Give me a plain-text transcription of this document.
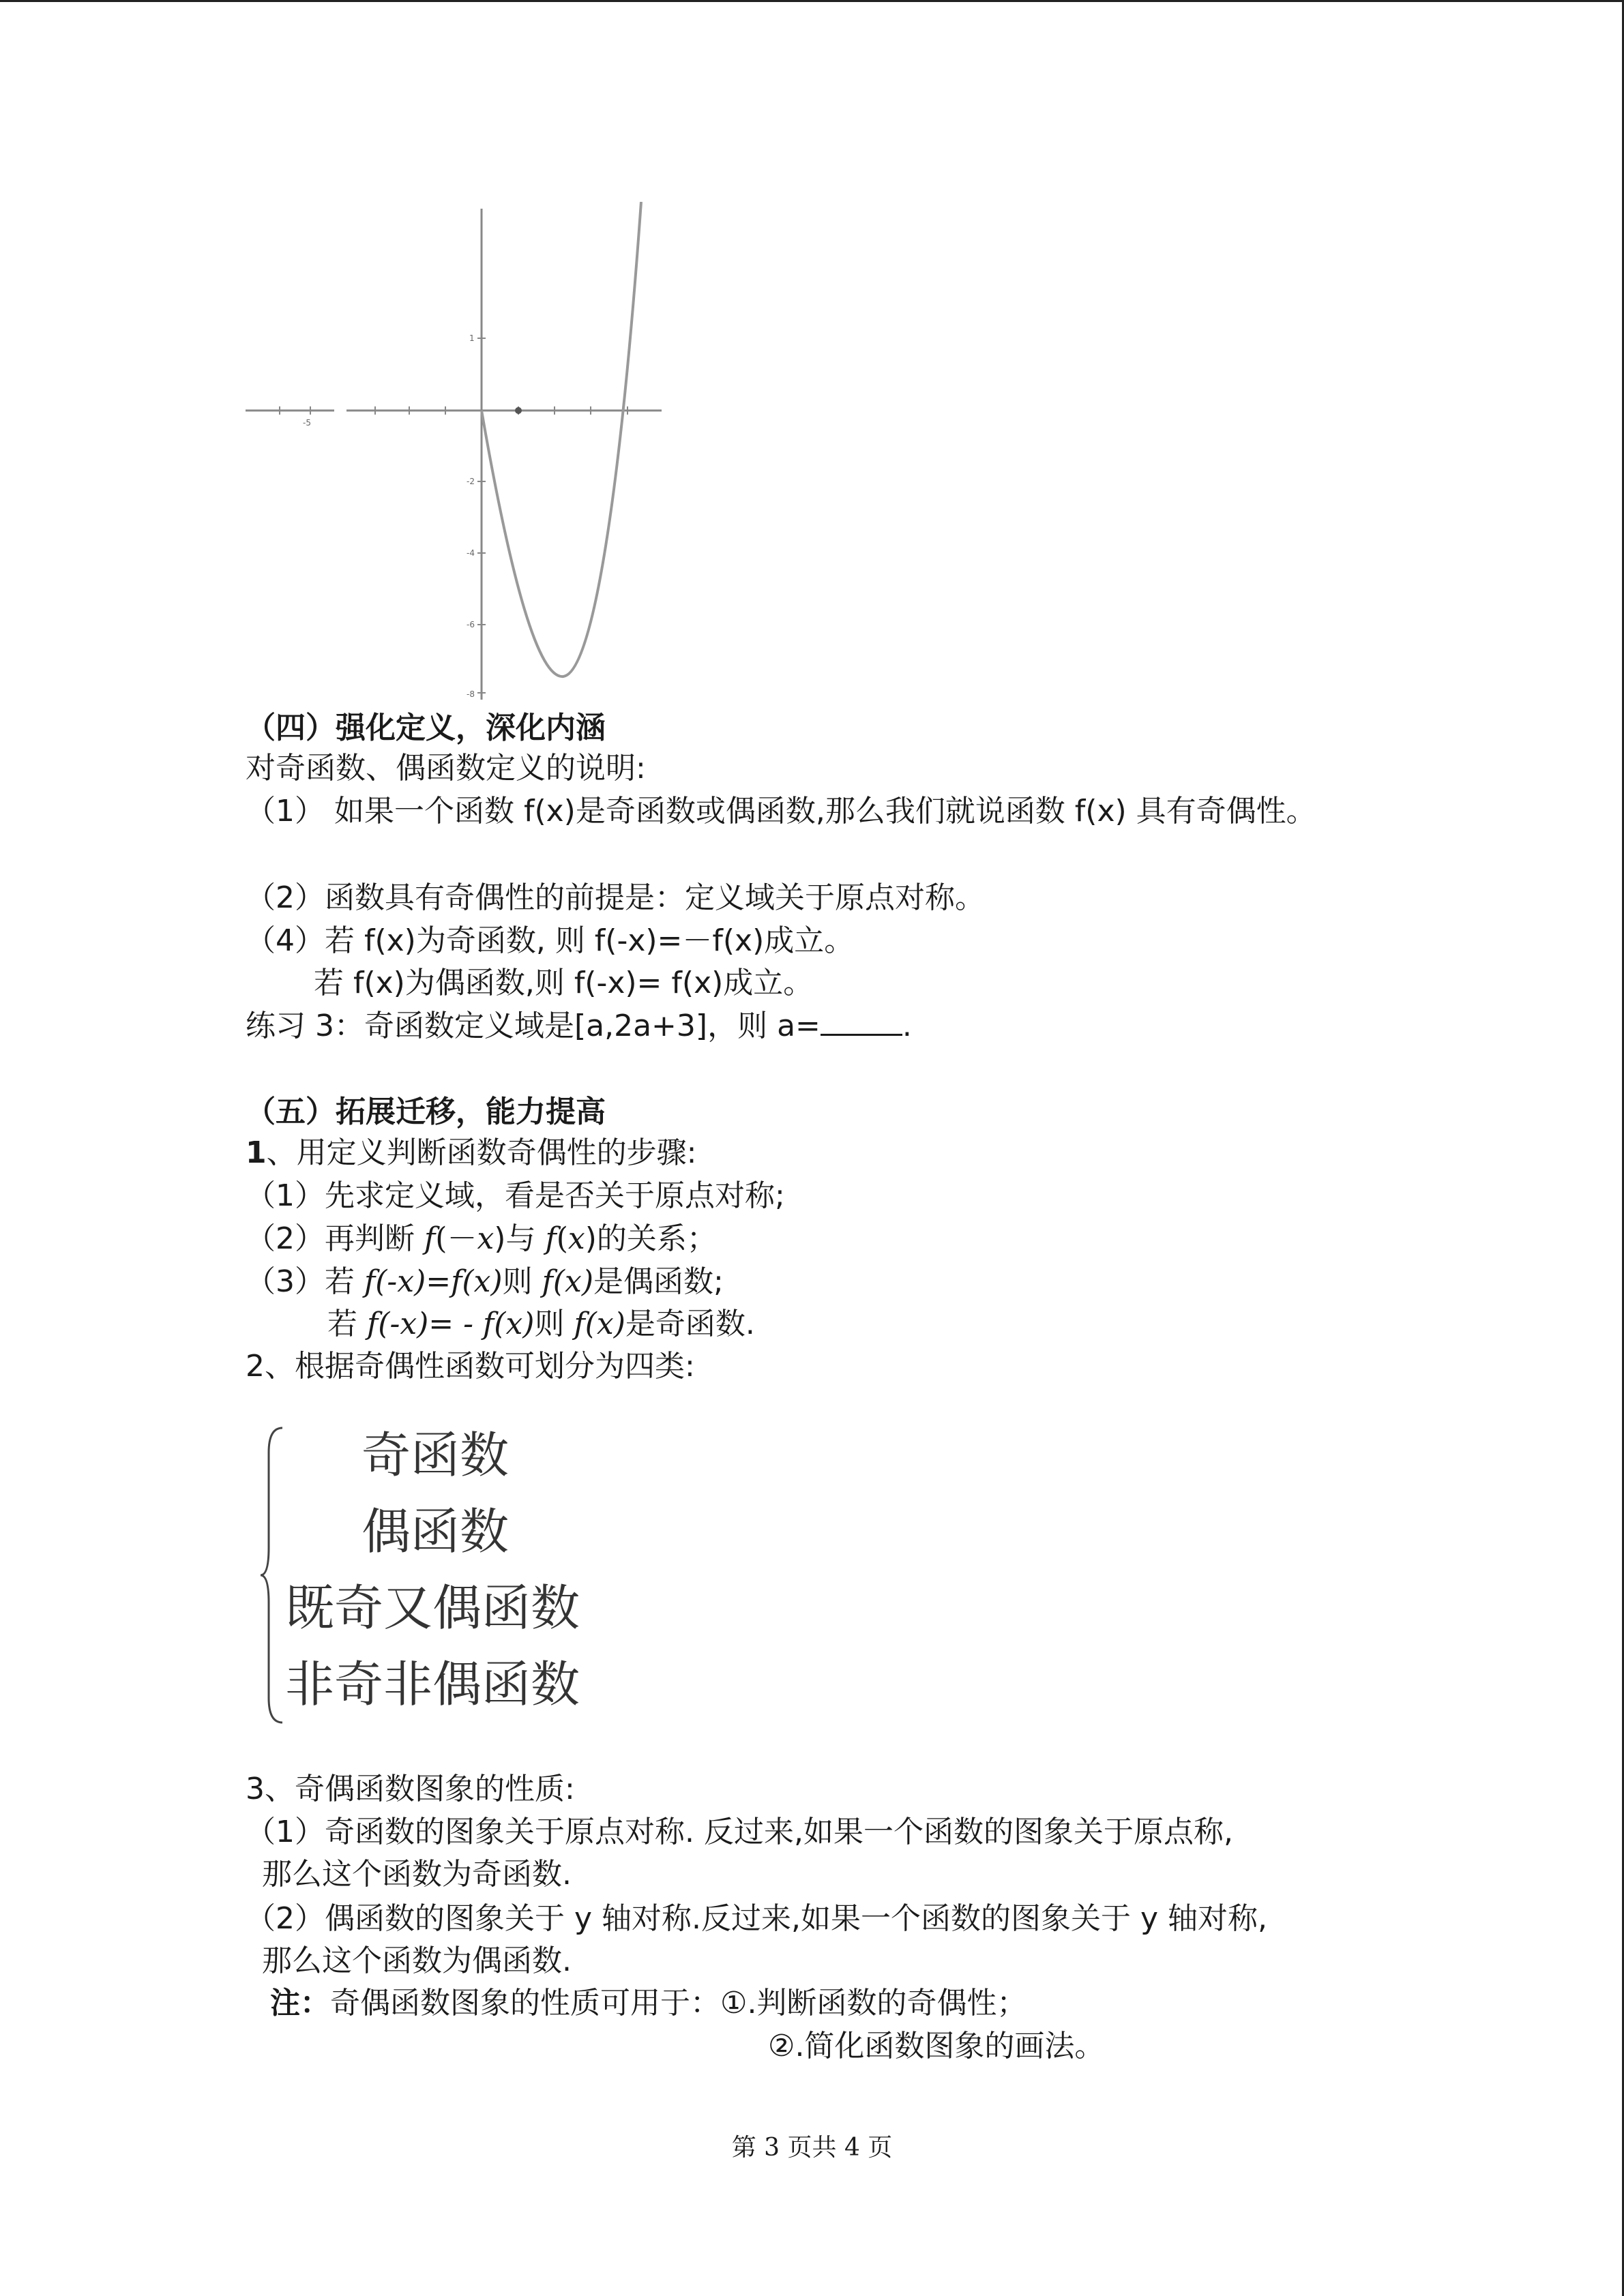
-5
1
-2
-4
-6
-8
（四）强化定义，深化内涵
对奇函数、偶函数定义的说明:
（1） 如果一个函数 f(x)是奇函数或偶函数,那么我们就说函数 f(x) 具有奇偶性。
（2）函数具有奇偶性的前提是：定义域关于原点对称。
（4）若 f(x)为奇函数, 则 f(-x)=－f(x)成立。
若 f(x)为偶函数,则 f(-x)= f(x)成立。
练习 3：奇函数定义域是[a,2a+3]，则 a=	.
（五）拓展迁移，能力提高
1、用定义判断函数奇偶性的步骤:
（1）先求定义域，看是否关于原点对称;
（2）再判断 f(－x)与 f(x)的关系；
（3）若 f(-x)=f(x)则 f(x)是偶函数;
若 f(-x)= - f(x)则 f(x)是奇函数.
2、根据奇偶性函数可划分为四类:
奇函数
偶函数
既奇又偶函数
非奇非偶函数
3、奇偶函数图象的性质:
（1）奇函数的图象关于原点对称. 反过来,如果一个函数的图象关于原点称,
那么这个函数为奇函数.
（2）偶函数的图象关于 y 轴对称.反过来,如果一个函数的图象关于 y 轴对称,
那么这个函数为偶函数.
注：奇偶函数图象的性质可用于：①.判断函数的奇偶性；
②.简化函数图象的画法。
第 3 页共 4 页
